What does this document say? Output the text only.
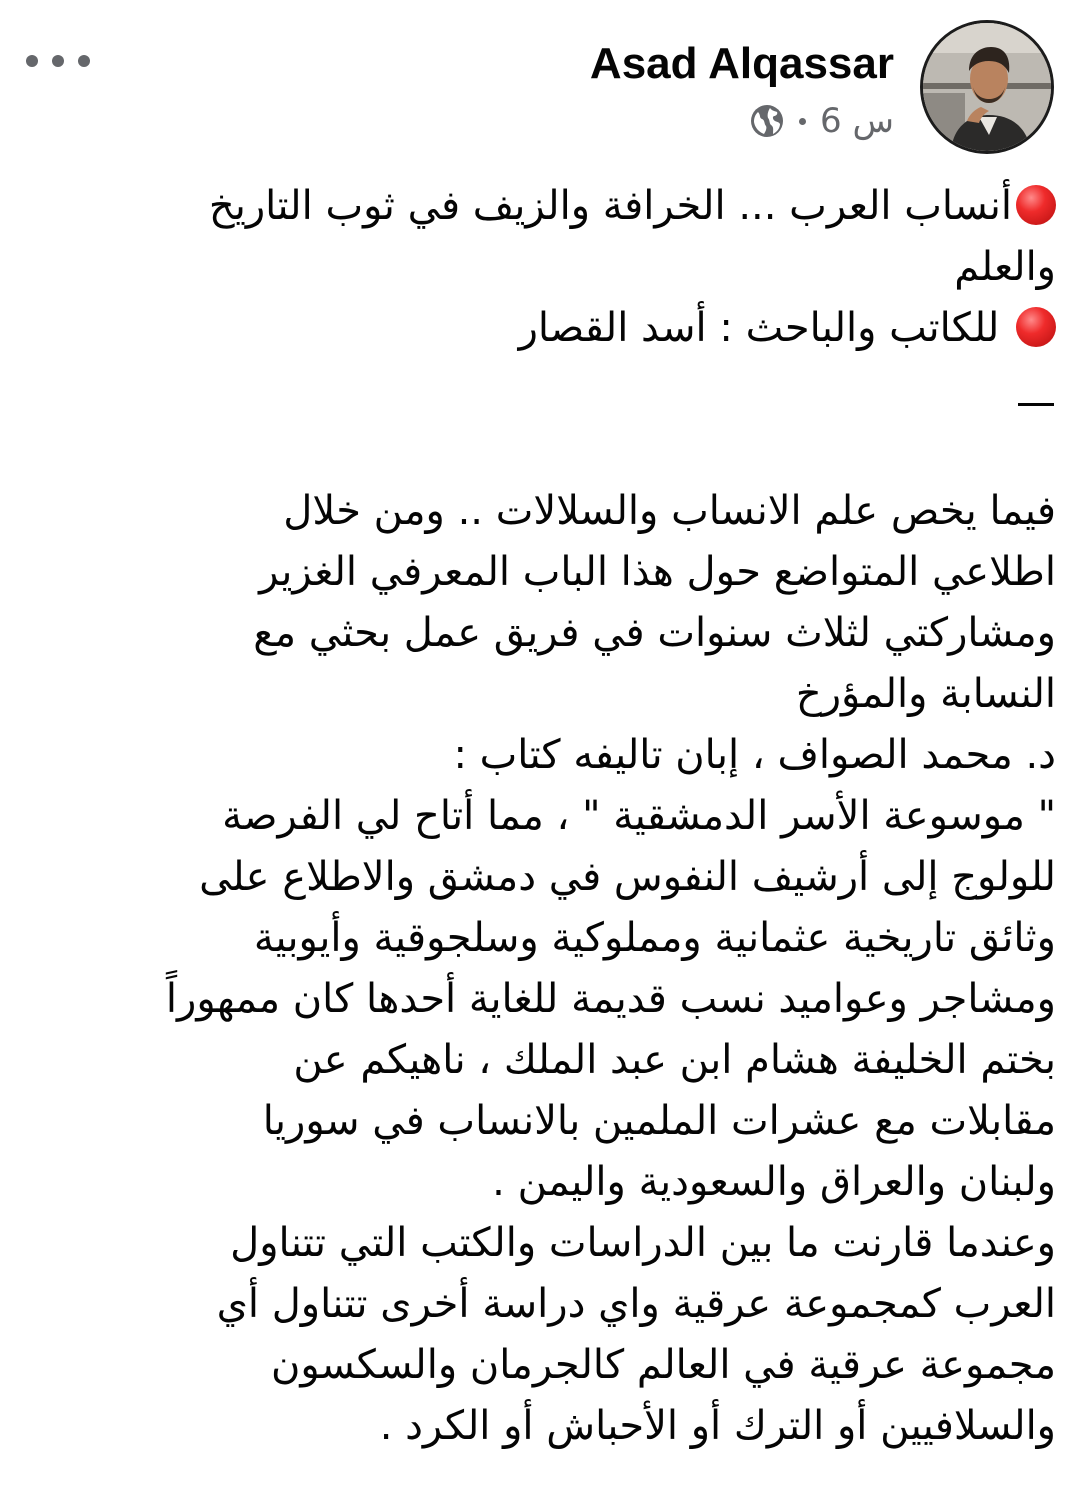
Asad Alqassar
6 س
أنساب العرب ... الخرافة والزيف في ثوب التاريخ
والعلم
للكاتب والباحث : أسد القصار
فيما يخص علم الانساب والسلالات .. ومن خلال
اطلاعي المتواضع حول هذا الباب المعرفي الغزير
ومشاركتي لثلاث سنوات في فريق عمل بحثي مع
النسابة والمؤرخ
د. محمد الصواف ، إبان تاليفه كتاب :
" موسوعة الأسر الدمشقية " ، مما أتاح لي الفرصة
للولوج إلى أرشيف النفوس في دمشق والاطلاع على
وثائق تاريخية عثمانية ومملوكية وسلجوقية وأيوبية
ومشاجر وعواميد نسب قديمة للغاية أحدها كان ممهوراً
بختم الخليفة هشام ابن عبد الملك ، ناهيكم عن
مقابلات مع عشرات الملمين بالانساب في سوريا
ولبنان والعراق والسعودية واليمن .
وعندما قارنت ما بين الدراسات والكتب التي تتناول
العرب كمجموعة عرقية واي دراسة أخرى تتناول أي
مجموعة عرقية في العالم كالجرمان والسكسون
والسلافيين أو الترك أو الأحباش أو الكرد .
